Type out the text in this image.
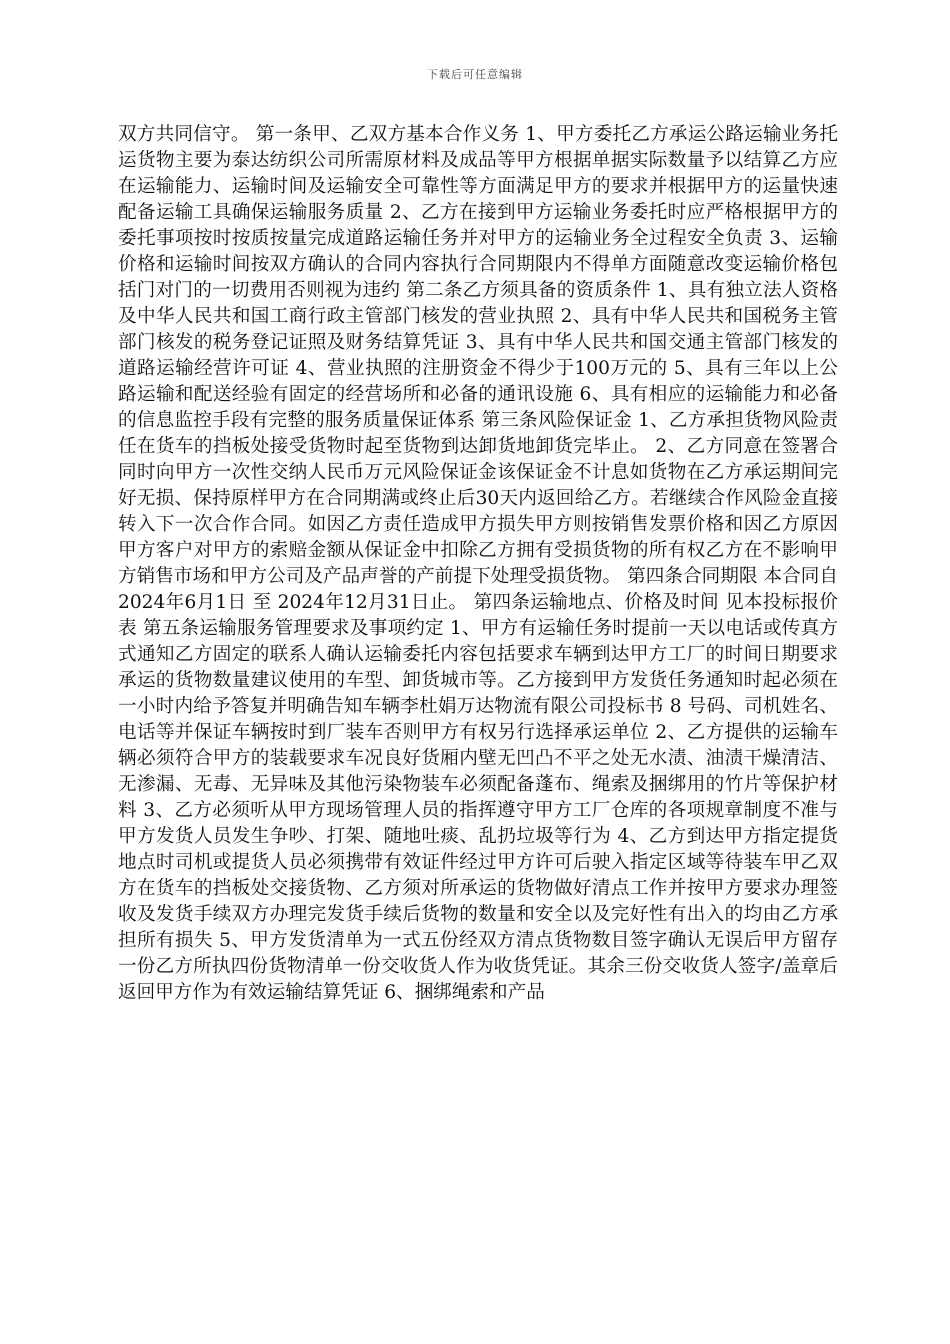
下载后可任意编辑

双方共同信守。 第一条甲、乙双方基本合作义务 1、甲方委托乙方承运公路运输业务托运货物主要为泰达纺织公司所需原材料及成品等甲方根据单据实际数量予以结算乙方应在运输能力、运输时间及运输安全可靠性等方面满足甲方的要求并根据甲方的运量快速配备运输工具确保运输服务质量 2、乙方在接到甲方运输业务委托时应严格根据甲方的委托事项按时按质按量完成道路运输任务并对甲方的运输业务全过程安全负责 3、运输价格和运输时间按双方确认的合同内容执行合同期限内不得单方面随意改变运输价格包括门对门的一切费用否则视为违约 第二条乙方须具备的资质条件 1、具有独立法人资格及中华人民共和国工商行政主管部门核发的营业执照 2、具有中华人民共和国税务主管部门核发的税务登记证照及财务结算凭证 3、具有中华人民共和国交通主管部门核发的道路运输经营许可证 4、营业执照的注册资金不得少于100万元的 5、具有三年以上公路运输和配送经验有固定的经营场所和必备的通讯设施 6、具有相应的运输能力和必备的信息监控手段有完整的服务质量保证体系 第三条风险保证金 1、乙方承担货物风险责任在货车的挡板处接受货物时起至货物到达卸货地卸货完毕止。 2、乙方同意在签署合同时向甲方一次性交纳人民币万元风险保证金该保证金不计息如货物在乙方承运期间完好无损、保持原样甲方在合同期满或终止后30天内返回给乙方。若继续合作风险金直接转入下一次合作合同。如因乙方责任造成甲方损失甲方则按销售发票价格和因乙方原因甲方客户对甲方的索赔金额从保证金中扣除乙方拥有受损货物的所有权乙方在不影响甲方销售市场和甲方公司及产品声誉的产前提下处理受损货物。 第四条合同期限 本合同自 2024年6月1日 至 2024年12月31日止。 第四条运输地点、价格及时间 见本投标报价表 第五条运输服务管理要求及事项约定 1、甲方有运输任务时提前一天以电话或传真方式通知乙方固定的联系人确认运输委托内容包括要求车辆到达甲方工厂的时间日期要求承运的货物数量建议使用的车型、卸货城市等。乙方接到甲方发货任务通知时起必须在一小时内给予答复并明确告知车辆李杜娟万达物流有限公司投标书 8 号码、司机姓名、电话等并保证车辆按时到厂装车否则甲方有权另行选择承运单位 2、乙方提供的运输车辆必须符合甲方的装载要求车况良好货厢内壁无凹凸不平之处无水渍、油渍干燥清洁、无渗漏、无毒、无异味及其他污染物装车必须配备蓬布、绳索及捆绑用的竹片等保护材料 3、乙方必须听从甲方现场管理人员的指挥遵守甲方工厂仓库的各项规章制度不准与甲方发货人员发生争吵、打架、随地吐痰、乱扔垃圾等行为 4、乙方到达甲方指定提货地点时司机或提货人员必须携带有效证件经过甲方许可后驶入指定区域等待装车甲乙双方在货车的挡板处交接货物、乙方须对所承运的货物做好清点工作并按甲方要求办理签收及发货手续双方办理完发货手续后货物的数量和安全以及完好性有出入的均由乙方承担所有损失 5、甲方发货清单为一式五份经双方清点货物数目签字确认无误后甲方留存一份乙方所执四份货物清单一份交收货人作为收货凭证。其余三份交收货人签字/盖章后返回甲方作为有效运输结算凭证 6、捆绑绳索和产品
